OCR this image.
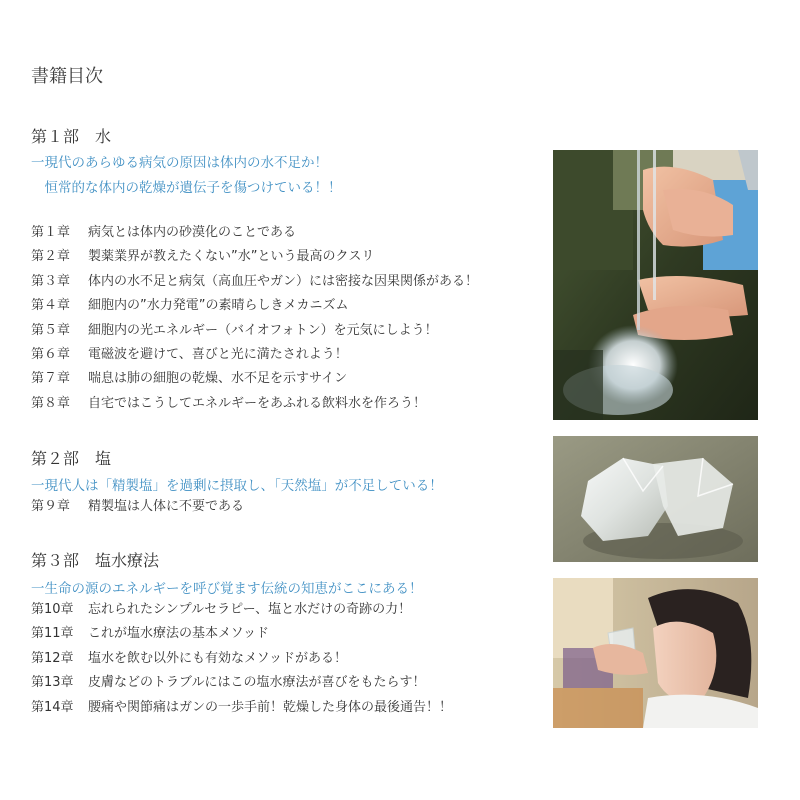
書籍目次
第１部 水
一現代のあらゆる病気の原因は体内の水不足か！
　恒常的な体内の乾燥が遺伝子を傷つけている！！
第１章 病気とは体内の砂漠化のことである
第２章 製薬業界が教えたくない”水”という最高のクスリ
第３章 体内の水不足と病気（高血圧やガン）には密接な因果関係がある！
第４章 細胞内の”水力発電”の素晴らしきメカニズム
第５章 細胞内の光エネルギー（バイオフォトン）を元気にしよう！
第６章 電磁波を避けて、喜びと光に満たされよう！
第７章 喘息は肺の細胞の乾燥、水不足を示すサイン
第８章 自宅ではこうしてエネルギーをあふれる飲料水を作ろう！
第２部 塩
一現代人は「精製塩」を過剰に摂取し、「天然塩」が不足している！
第９章 精製塩は人体に不要である
第３部 塩水療法
一生命の源のエネルギーを呼び覚ます伝統の知恵がここにある！
第10章 忘れられたシンプルセラピー、塩と水だけの奇跡の力！
第11章 これが塩水療法の基本メソッド
第12章 塩水を飲む以外にも有効なメソッドがある！
第13章 皮膚などのトラブルにはこの塩水療法が喜びをもたらす！
第14章 腰痛や関節痛はガンの一歩手前！乾燥した身体の最後通告！！
